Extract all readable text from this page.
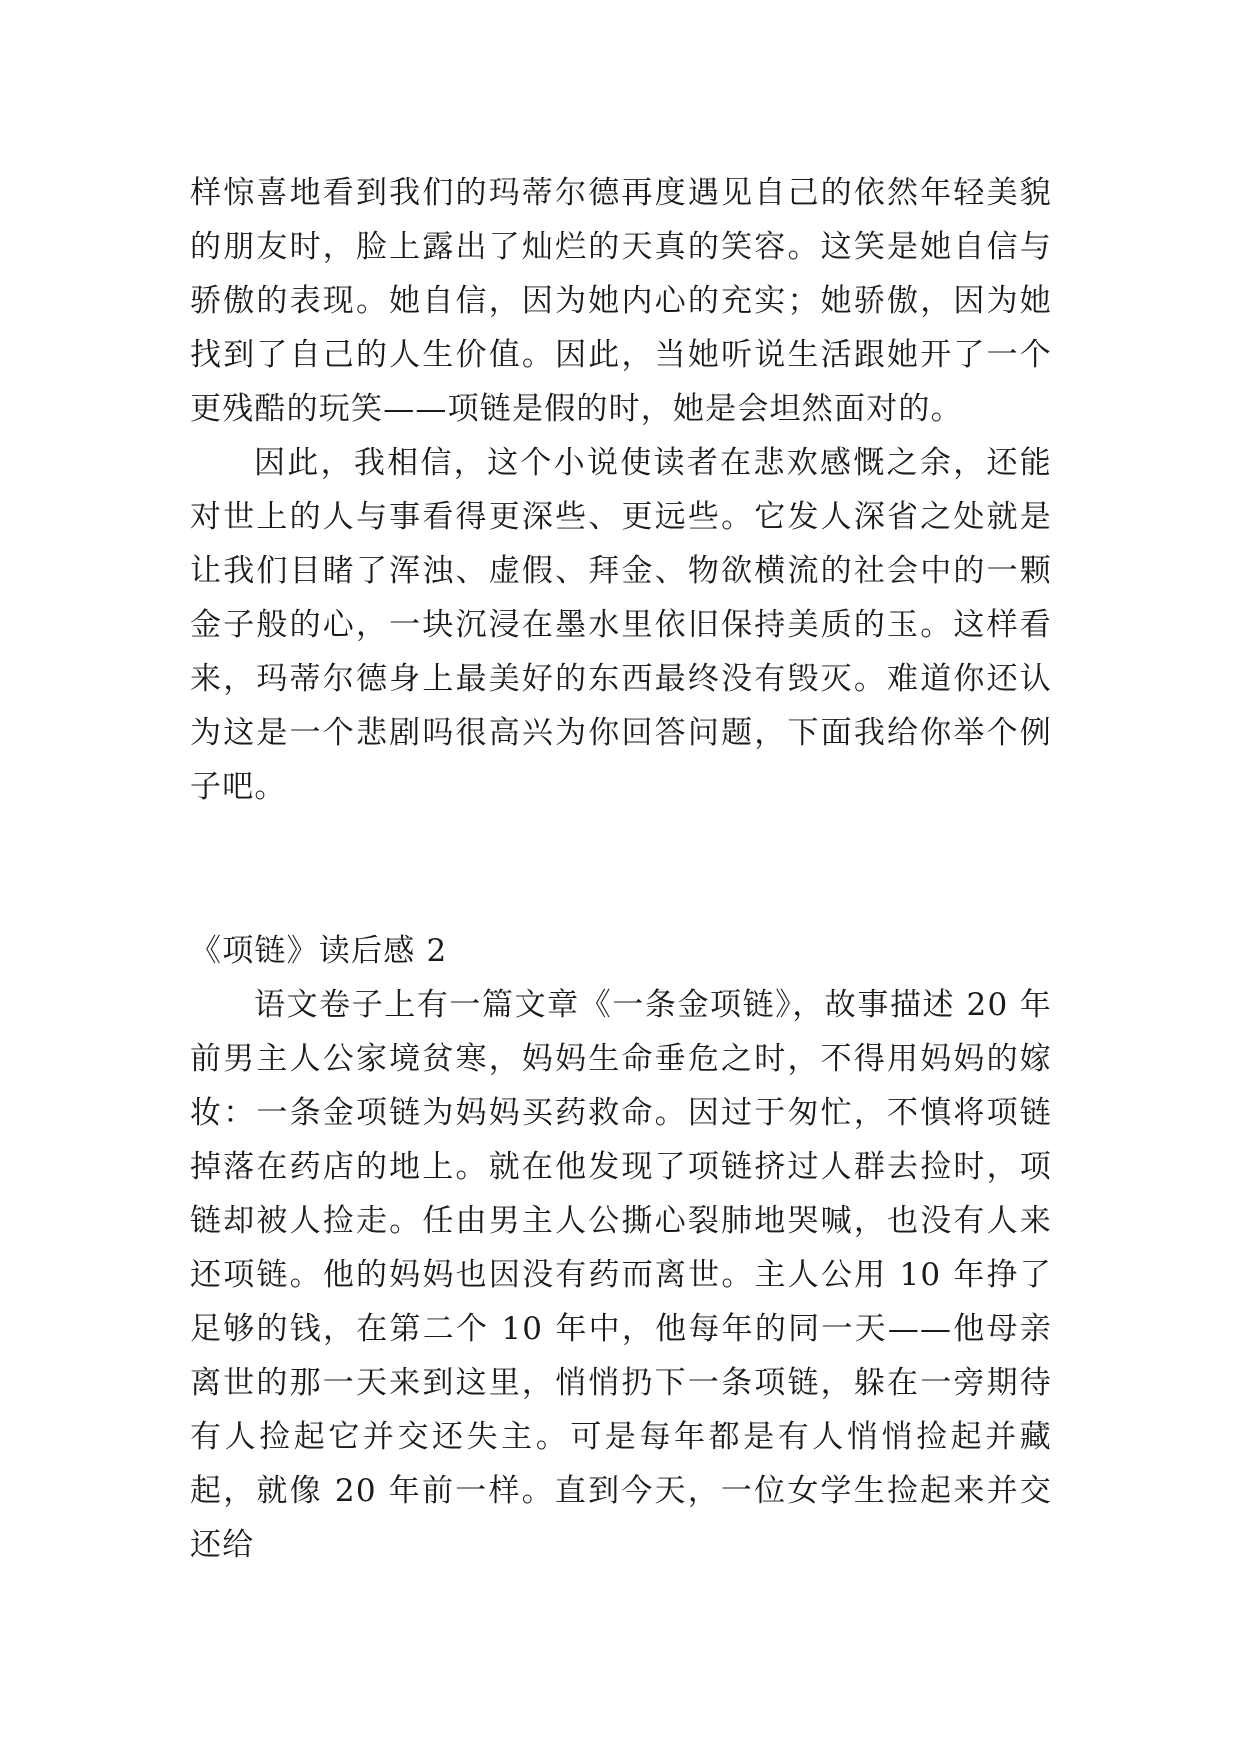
样惊喜地看到我们的玛蒂尔德再度遇见自己的依然年轻美貌的朋友时，脸上露出了灿烂的天真的笑容。这笑是她自信与骄傲的表现。她自信，因为她内心的充实；她骄傲，因为她找到了自己的人生价值。因此，当她听说生活跟她开了一个更残酷的玩笑——项链是假的时，她是会坦然面对的。

因此，我相信，这个小说使读者在悲欢感慨之余，还能对世上的人与事看得更深些、更远些。它发人深省之处就是让我们目睹了浑浊、虚假、拜金、物欲横流的社会中的一颗金子般的心，一块沉浸在墨水里依旧保持美质的玉。这样看来，玛蒂尔德身上最美好的东西最终没有毁灭。难道你还认为这是一个悲剧吗很高兴为你回答问题，下面我给你举个例子吧。

《项链》读后感 2

语文卷子上有一篇文章《一条金项链》，故事描述 20 年前男主人公家境贫寒，妈妈生命垂危之时，不得用妈妈的嫁妆：一条金项链为妈妈买药救命。因过于匆忙，不慎将项链掉落在药店的地上。就在他发现了项链挤过人群去捡时，项链却被人捡走。任由男主人公撕心裂肺地哭喊，也没有人来还项链。他的妈妈也因没有药而离世。主人公用 10 年挣了足够的钱，在第二个 10 年中，他每年的同一天——他母亲离世的那一天来到这里，悄悄扔下一条项链，躲在一旁期待有人捡起它并交还失主。可是每年都是有人悄悄捡起并藏起，就像 20 年前一样。直到今天，一位女学生捡起来并交还给
